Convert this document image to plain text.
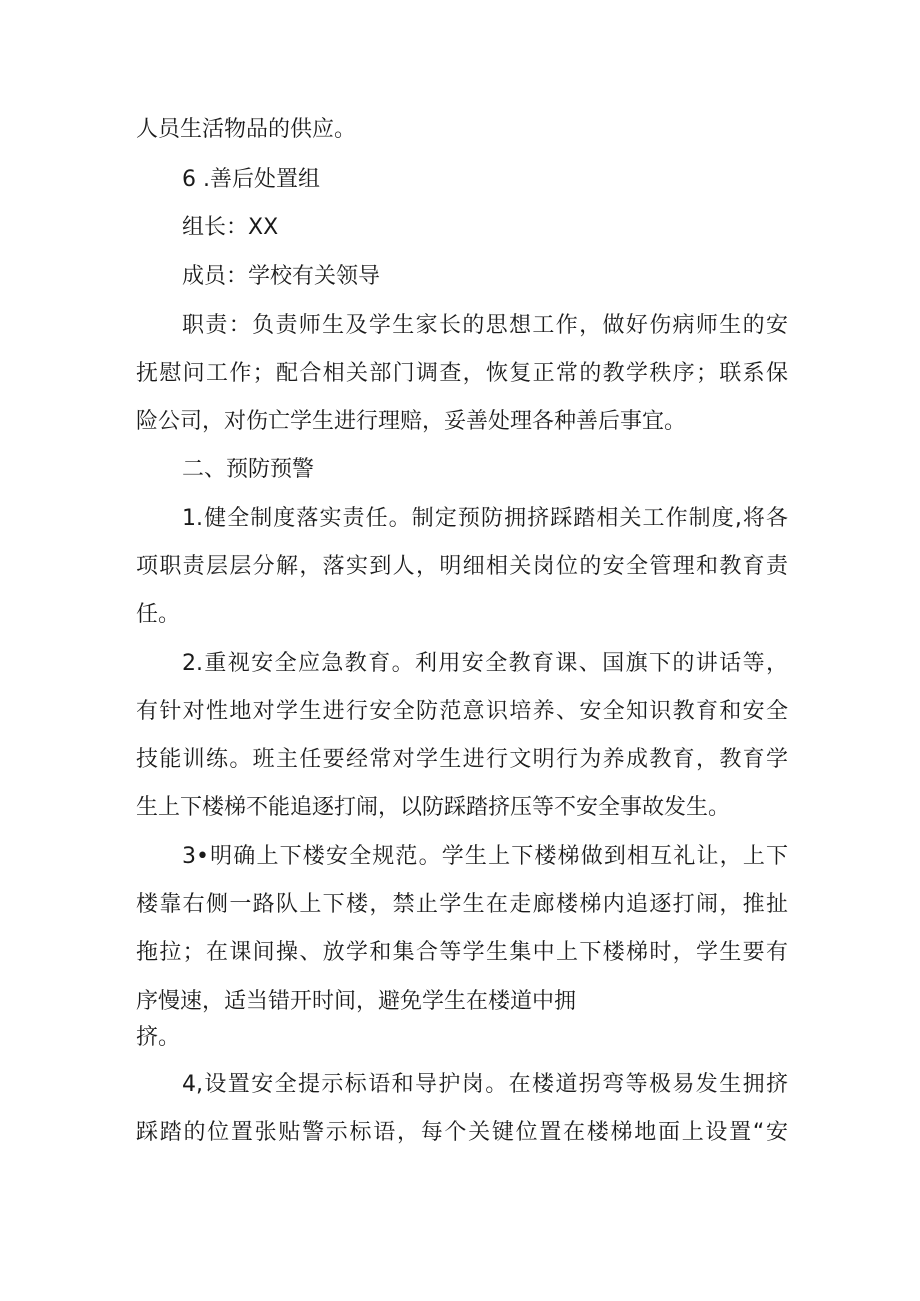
人员生活物品的供应。
6 .善后处置组
组长：XX
成员：学校有关领导
职责：负责师生及学生家长的思想工作，做好伤病师生的安
抚慰问工作；配合相关部门调查，恢复正常的教学秩序；联系保
险公司，对伤亡学生进行理赔，妥善处理各种善后事宜。
二、预防预警
1.健全制度落实责任。制定预防拥挤踩踏相关工作制度,将各
项职责层层分解，落实到人，明细相关岗位的安全管理和教育责
任。
2.重视安全应急教育。利用安全教育课、国旗下的讲话等，
有针对性地对学生进行安全防范意识培养、安全知识教育和安全
技能训练。班主任要经常对学生进行文明行为养成教育，教育学
生上下楼梯不能追逐打闹，以防踩踏挤压等不安全事故发生。
3•明确上下楼安全规范。学生上下楼梯做到相互礼让，上下
楼靠右侧一路队上下楼，禁止学生在走廊楼梯内追逐打闹，推扯
拖拉；在课间操、放学和集合等学生集中上下楼梯时，学生要有
序慢速，适当错开时间，避免学生在楼道中拥
挤。
4,设置安全提示标语和导护岗。在楼道拐弯等极易发生拥挤
踩踏的位置张贴警示标语，每个关键位置在楼梯地面上设置“安
